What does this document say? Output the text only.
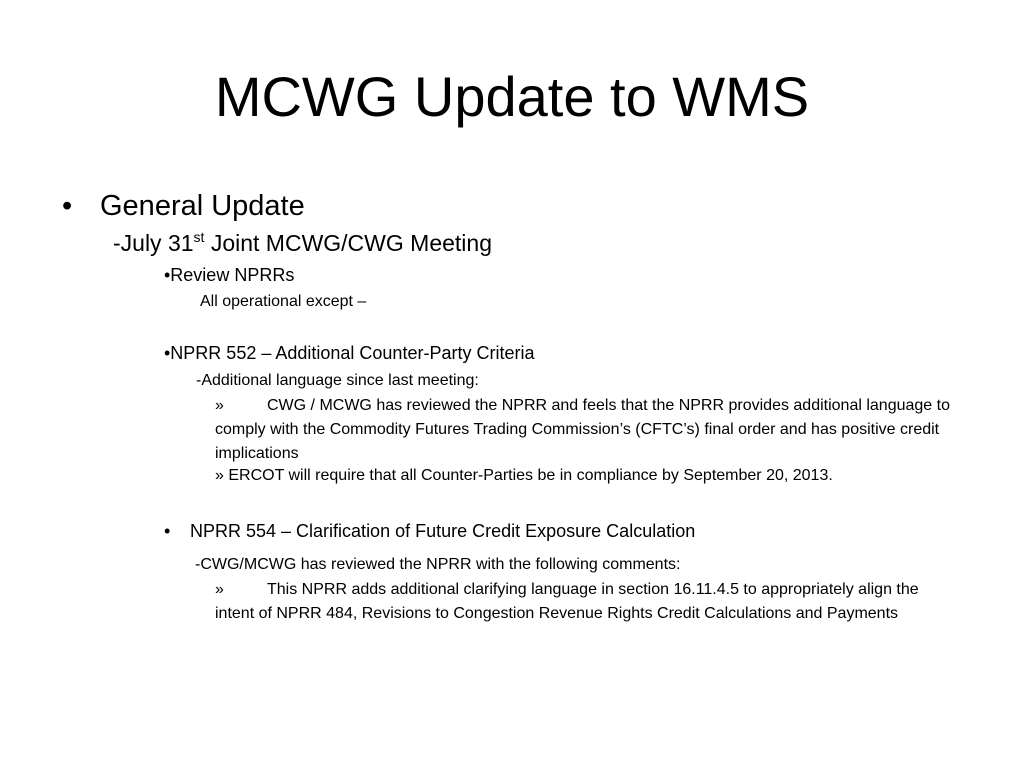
MCWG Update to WMS
• General Update
-July 31st Joint MCWG/CWG Meeting
•Review NPRRs
All operational except –
•NPRR 552 – Additional Counter-Party Criteria
-Additional language since last meeting:

»	CWG / MCWG has reviewed the NPRR and feels that the NPRR provides additional language to comply with the Commodity Futures Trading Commission’s (CFTC’s) final order and has positive credit implications

» ERCOT will require that all Counter-Parties be in compliance by September 20, 2013.
• NPRR 554 – Clarification of Future Credit Exposure Calculation
-CWG/MCWG has reviewed the NPRR with the following comments:

»	This NPRR adds additional clarifying language in section 16.11.4.5 to appropriately align the intent of NPRR 484, Revisions to Congestion Revenue Rights Credit Calculations and Payments
